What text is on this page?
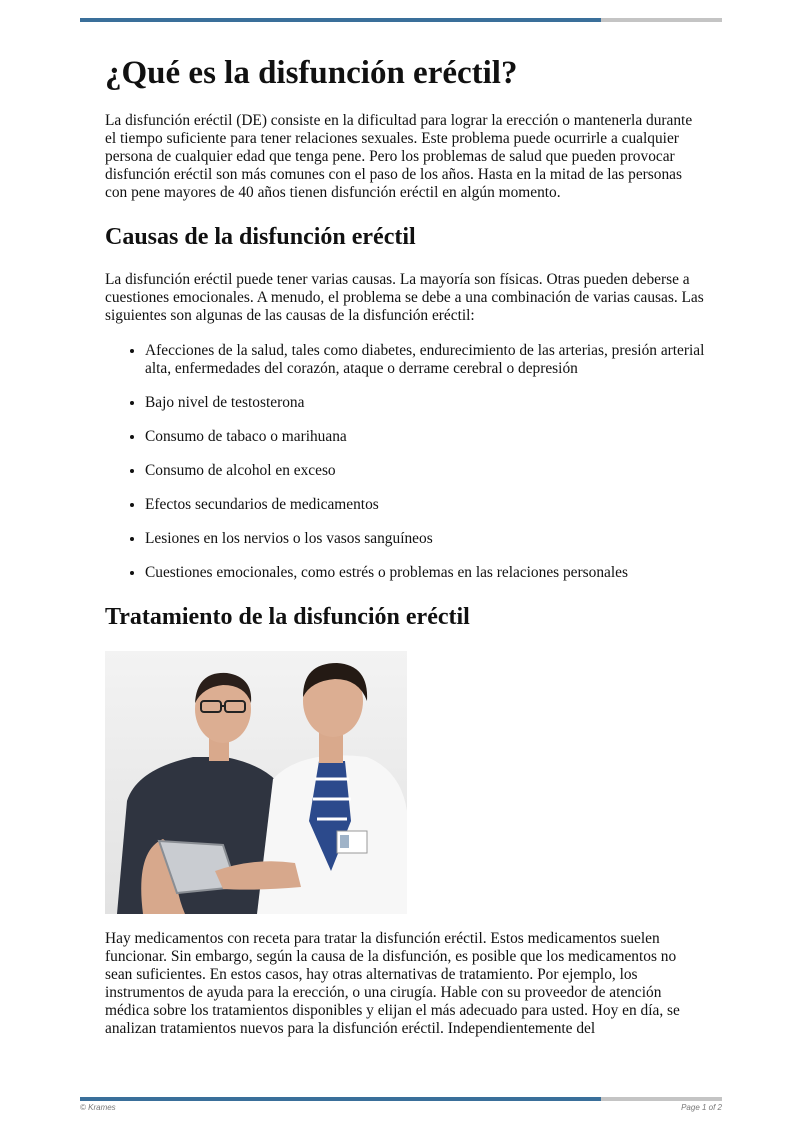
¿Qué es la disfunción eréctil?

La disfunción eréctil (DE) consiste en la dificultad para lograr la erección o mantenerla durante el tiempo suficiente para tener relaciones sexuales. Este problema puede ocurrirle a cualquier persona de cualquier edad que tenga pene. Pero los problemas de salud que pueden provocar disfunción eréctil son más comunes con el paso de los años. Hasta en la mitad de las personas con pene mayores de 40 años tienen disfunción eréctil en algún momento.

Causas de la disfunción eréctil

La disfunción eréctil puede tener varias causas. La mayoría son físicas. Otras pueden deberse a cuestiones emocionales. A menudo, el problema se debe a una combinación de varias causas. Las siguientes son algunas de las causas de la disfunción eréctil:

• Afecciones de la salud, tales como diabetes, endurecimiento de las arterias, presión arterial alta, enfermedades del corazón, ataque o derrame cerebral o depresión
• Bajo nivel de testosterona
• Consumo de tabaco o marihuana
• Consumo de alcohol en exceso
• Efectos secundarios de medicamentos
• Lesiones en los nervios o los vasos sanguíneos
• Cuestiones emocionales, como estrés o problemas en las relaciones personales
Tratamiento de la disfunción eréctil

Hay medicamentos con receta para tratar la disfunción eréctil. Estos medicamentos suelen funcionar. Sin embargo, según la causa de la disfunción, es posible que los medicamentos no sean suficientes. En estos casos, hay otras alternativas de tratamiento. Por ejemplo, los instrumentos de ayuda para la erección, o una cirugía. Hable con su proveedor de atención médica sobre los tratamientos disponibles y elijan el más adecuado para usted. Hoy en día, se analizan tratamientos nuevos para la disfunción eréctil. Independientemente del

© Krames	Page 1 of 2
